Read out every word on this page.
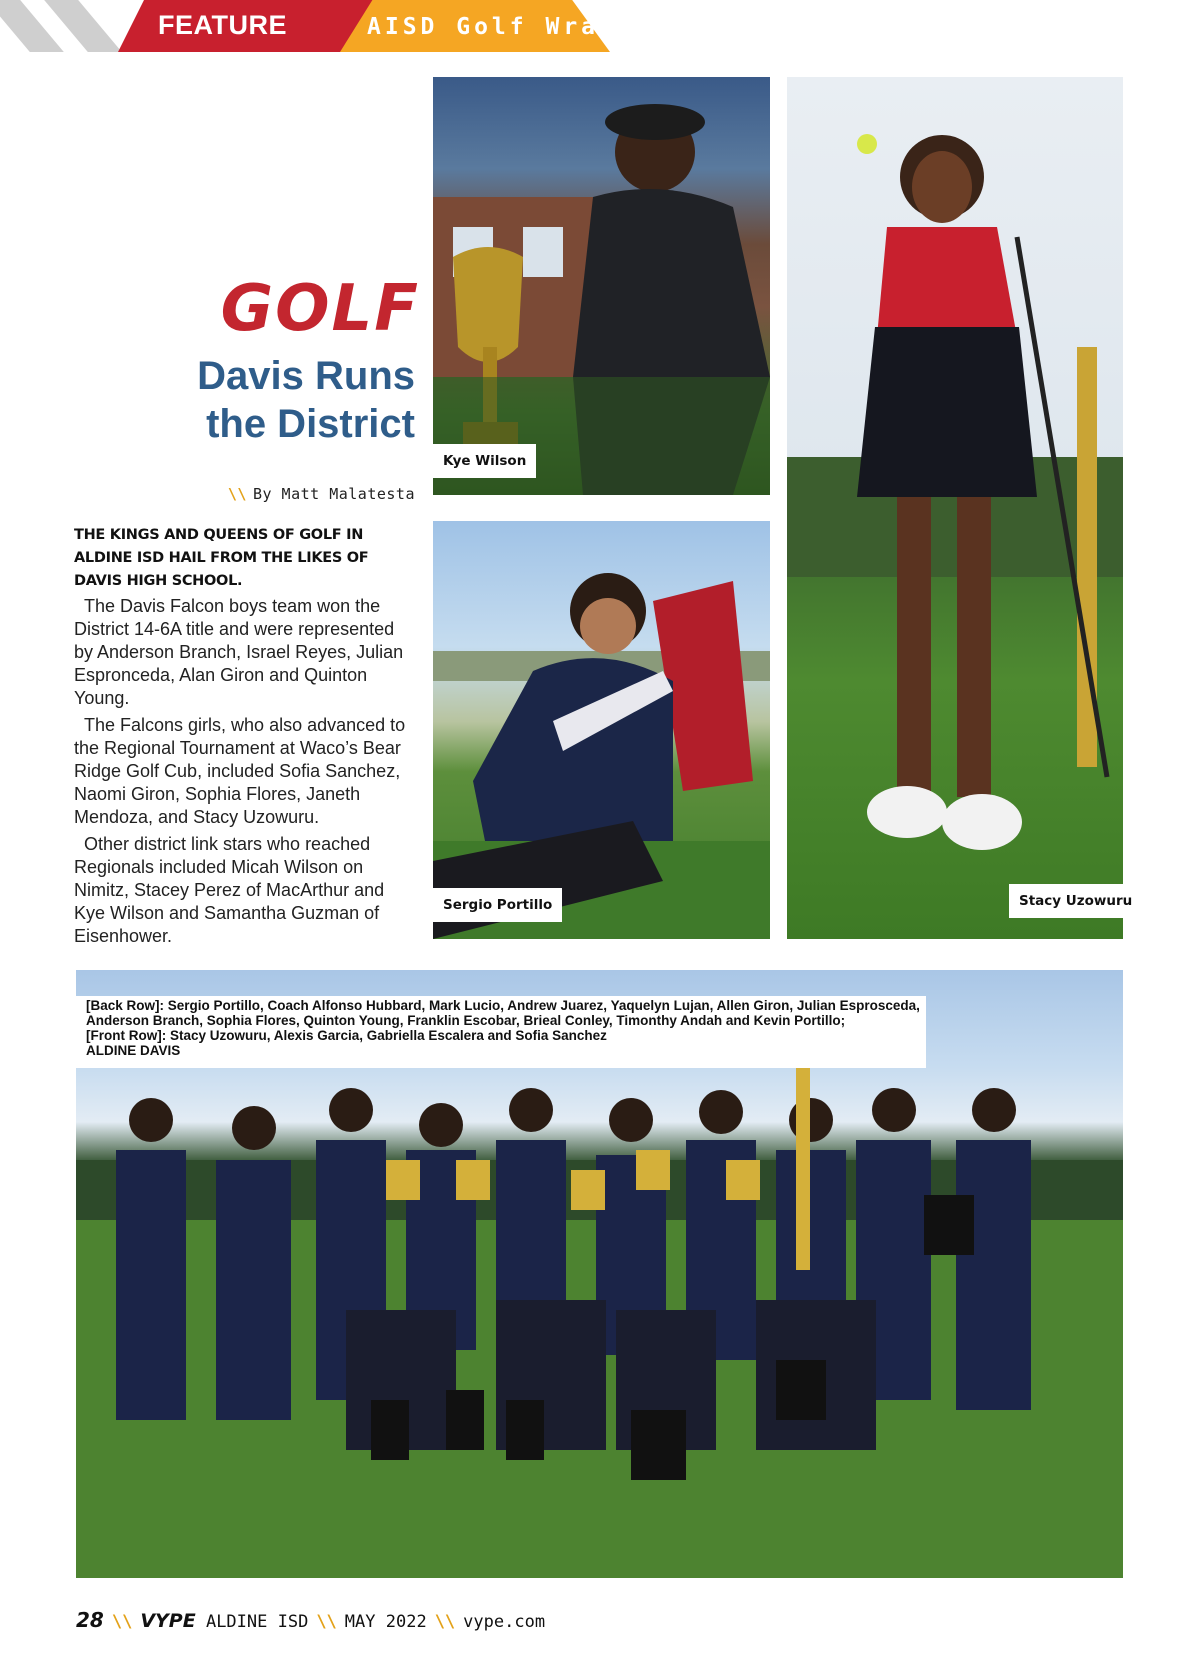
FEATURE	AISD Golf Wrap
GOLF
Davis Runs
the District
\\ By Matt Malatesta

THE KINGS AND QUEENS OF GOLF IN ALDINE ISD HAIL FROM THE LIKES OF DAVIS HIGH SCHOOL.

The Davis Falcon boys team won the District 14-6A title and were represented by Anderson Branch, Israel Reyes, Julian Espronceda, Alan Giron and Quinton Young.

The Falcons girls, who also advanced to the Regional Tournament at Waco’s Bear Ridge Golf Cub, included Sofia Sanchez, Naomi Giron, Sophia Flores, Janeth Mendoza, and Stacy Uzowuru.

Other district link stars who reached Regionals included Micah Wilson on Nimitz, Stacey Perez of MacArthur and Kye Wilson and Samantha Guzman of Eisenhower.

Kye Wilson
Sergio Portillo	Stacy Uzowuru
[Back Row]: Sergio Portillo, Coach Alfonso Hubbard, Mark Lucio, Andrew Juarez, Yaquelyn Lujan, Allen Giron, Julian Esprosceda,
Anderson Branch, Sophia Flores, Quinton Young, Franklin Escobar, Brieal Conley, Timonthy Andah and Kevin Portillo;
[Front Row]: Stacy Uzowuru, Alexis Garcia, Gabriella Escalera and Sofia Sanchez
ALDINE DAVIS
28 \\ VYPE ALDINE ISD \\ MAY 2022 \\ vype.com
